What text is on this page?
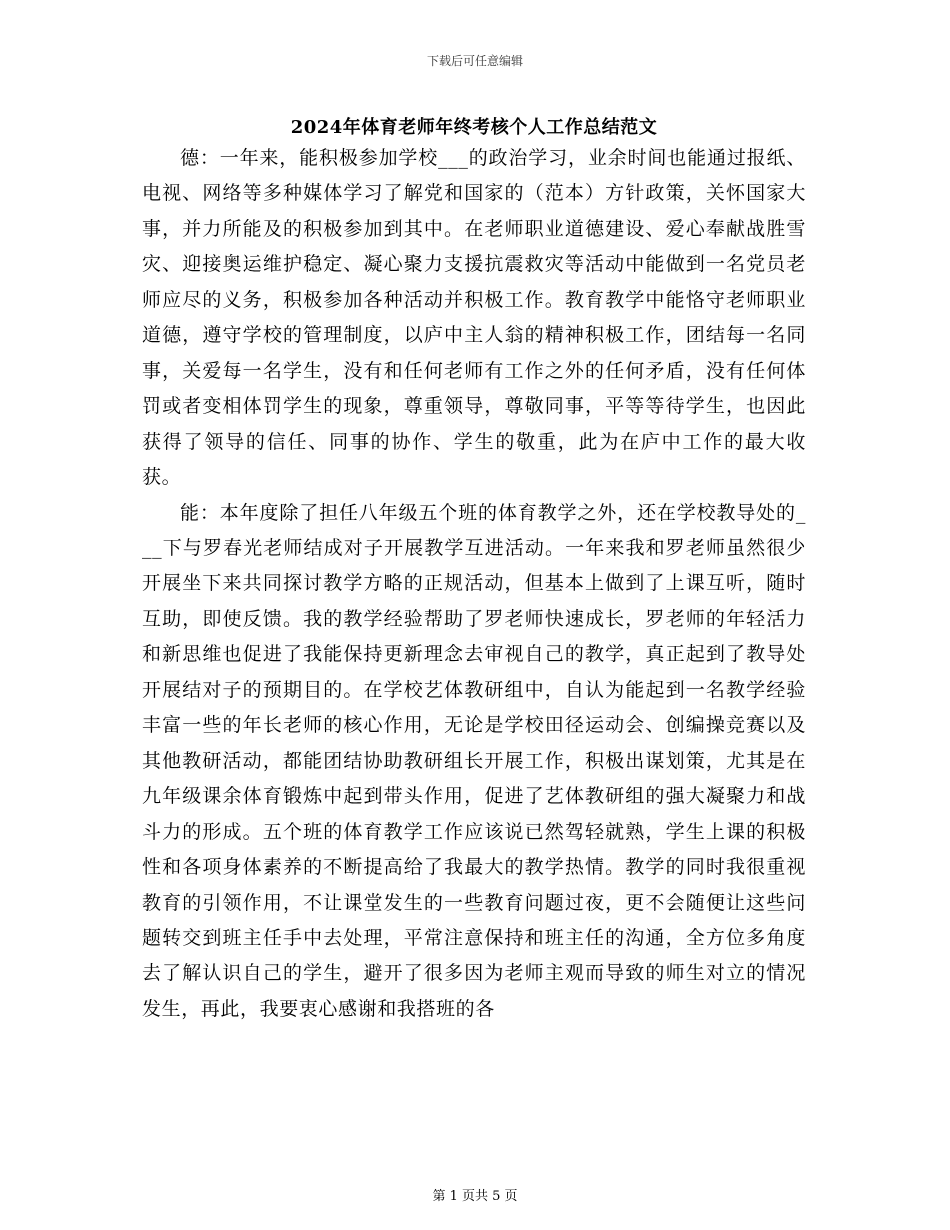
下载后可任意编辑

2024年体育老师年终考核个人工作总结范文

德：一年来，能积极参加学校___的政治学习，业余时间也能通过报纸、电视、网络等多种媒体学习了解党和国家的（范本）方针政策，关怀国家大事，并力所能及的积极参加到其中。在老师职业道德建设、爱心奉献战胜雪灾、迎接奥运维护稳定、凝心聚力支援抗震救灾等活动中能做到一名党员老师应尽的义务，积极参加各种活动并积极工作。教育教学中能恪守老师职业道德，遵守学校的管理制度，以庐中主人翁的精神积极工作，团结每一名同事，关爱每一名学生，没有和任何老师有工作之外的任何矛盾，没有任何体罚或者变相体罚学生的现象，尊重领导，尊敬同事，平等等待学生，也因此获得了领导的信任、同事的协作、学生的敬重，此为在庐中工作的最大收获。

能：本年度除了担任八年级五个班的体育教学之外，还在学校教导处的___下与罗春光老师结成对子开展教学互进活动。一年来我和罗老师虽然很少开展坐下来共同探讨教学方略的正规活动，但基本上做到了上课互听，随时互助，即使反馈。我的教学经验帮助了罗老师快速成长，罗老师的年轻活力和新思维也促进了我能保持更新理念去审视自己的教学，真正起到了教导处开展结对子的预期目的。在学校艺体教研组中，自认为能起到一名教学经验丰富一些的年长老师的核心作用，无论是学校田径运动会、创编操竞赛以及其他教研活动，都能团结协助教研组长开展工作，积极出谋划策，尤其是在九年级课余体育锻炼中起到带头作用，促进了艺体教研组的强大凝聚力和战斗力的形成。五个班的体育教学工作应该说已然驾轻就熟，学生上课的积极性和各项身体素养的不断提高给了我最大的教学热情。教学的同时我很重视教育的引领作用，不让课堂发生的一些教育问题过夜，更不会随便让这些问题转交到班主任手中去处理，平常注意保持和班主任的沟通，全方位多角度去了解认识自己的学生，避开了很多因为老师主观而导致的师生对立的情况发生，再此，我要衷心感谢和我搭班的各

第 1 页共 5 页
